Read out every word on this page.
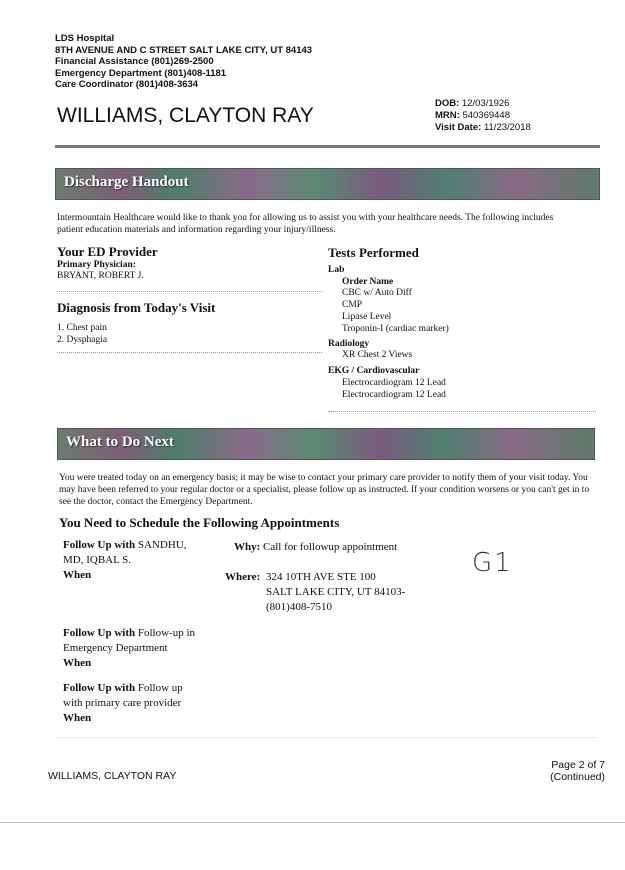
LDS Hospital
8TH AVENUE AND C STREET SALT LAKE CITY, UT 84143
Financial Assistance (801)269-2500
Emergency Department (801)408-1181
Care Coordinator (801)408-3634
WILLIAMS, CLAYTON RAY
DOB: 12/03/1926
MRN: 540369448
Visit Date: 11/23/2018
Discharge Handout
Intermountain Healthcare would like to thank you for allowing us to assist you with your healthcare needs. The following includes patient education materials and information regarding your injury/illness.
Your ED Provider
Primary Physician:
BRYANT, ROBERT J.
Diagnosis from Today's Visit
1. Chest pain
2. Dysphagia
Tests Performed
Lab
Order Name
CBC w/ Auto Diff
CMP
Lipase Level
Troponin-I (cardiac marker)
Radiology
XR Chest 2 Views
EKG / Cardiovascular
Electrocardiogram 12 Lead
Electrocardiogram 12 Lead
What to Do Next
You were treated today on an emergency basis; it may be wise to contact your primary care provider to notify them of your visit today. You may have been referred to your regular doctor or a specialist, please follow up as instructed. If your condition worsens or you can't get in to see the doctor, contact the Emergency Department.
You Need to Schedule the Following Appointments
Follow Up with SANDHU,
MD, IQBAL S.
When
Why: Call for followup appointment
Where: 324 10TH AVE STE 100
SALT LAKE CITY, UT 84103-
(801)408-7510
G1
Follow Up with Follow-up in
Emergency Department
When
Follow Up with Follow up
with primary care provider
When
WILLIAMS, CLAYTON RAY
Page 2 of 7
(Continued)
